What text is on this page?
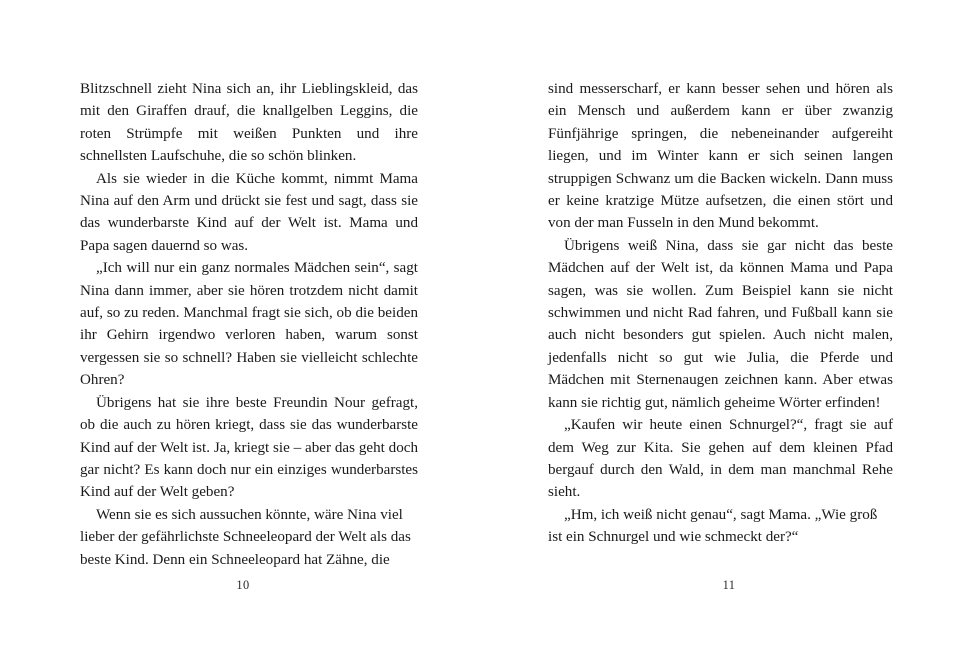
Blitzschnell zieht Nina sich an, ihr Lieblingskleid, das mit den Giraffen drauf, die knallgelben Leggins, die roten Strümpfe mit weißen Punkten und ihre schnellsten Laufschuhe, die so schön blinken.

Als sie wieder in die Küche kommt, nimmt Mama Nina auf den Arm und drückt sie fest und sagt, dass sie das wunderbarste Kind auf der Welt ist. Mama und Papa sagen dauernd so was.

„Ich will nur ein ganz normales Mädchen sein“, sagt Nina dann immer, aber sie hören trotzdem nicht damit auf, so zu reden. Manchmal fragt sie sich, ob die beiden ihr Gehirn irgendwo verloren haben, warum sonst vergessen sie so schnell? Haben sie vielleicht schlechte Ohren?

Übrigens hat sie ihre beste Freundin Nour gefragt, ob die auch zu hören kriegt, dass sie das wunderbarste Kind auf der Welt ist. Ja, kriegt sie – aber das geht doch gar nicht? Es kann doch nur ein einziges wunderbarstes Kind auf der Welt geben?

Wenn sie es sich aussuchen könnte, wäre Nina viel lieber der gefährlichste Schneeleopard der Welt als das beste Kind. Denn ein Schneeleopard hat Zähne, die

10

sind messerscharf, er kann besser sehen und hören als ein Mensch und außerdem kann er über zwanzig Fünfjährige springen, die nebeneinander aufgereiht liegen, und im Winter kann er sich seinen langen struppigen Schwanz um die Backen wickeln. Dann muss er keine kratzige Mütze aufsetzen, die einen stört und von der man Fusseln in den Mund bekommt.

Übrigens weiß Nina, dass sie gar nicht das beste Mädchen auf der Welt ist, da können Mama und Papa sagen, was sie wollen. Zum Beispiel kann sie nicht schwimmen und nicht Rad fahren, und Fußball kann sie auch nicht besonders gut spielen. Auch nicht malen, jedenfalls nicht so gut wie Julia, die Pferde und Mädchen mit Sternenaugen zeichnen kann. Aber etwas kann sie richtig gut, nämlich geheime Wörter erfinden!

„Kaufen wir heute einen Schnurgel?“, fragt sie auf dem Weg zur Kita. Sie gehen auf dem kleinen Pfad bergauf durch den Wald, in dem man manchmal Rehe sieht.

„Hm, ich weiß nicht genau“, sagt Mama. „Wie groß ist ein Schnurgel und wie schmeckt der?“

11
